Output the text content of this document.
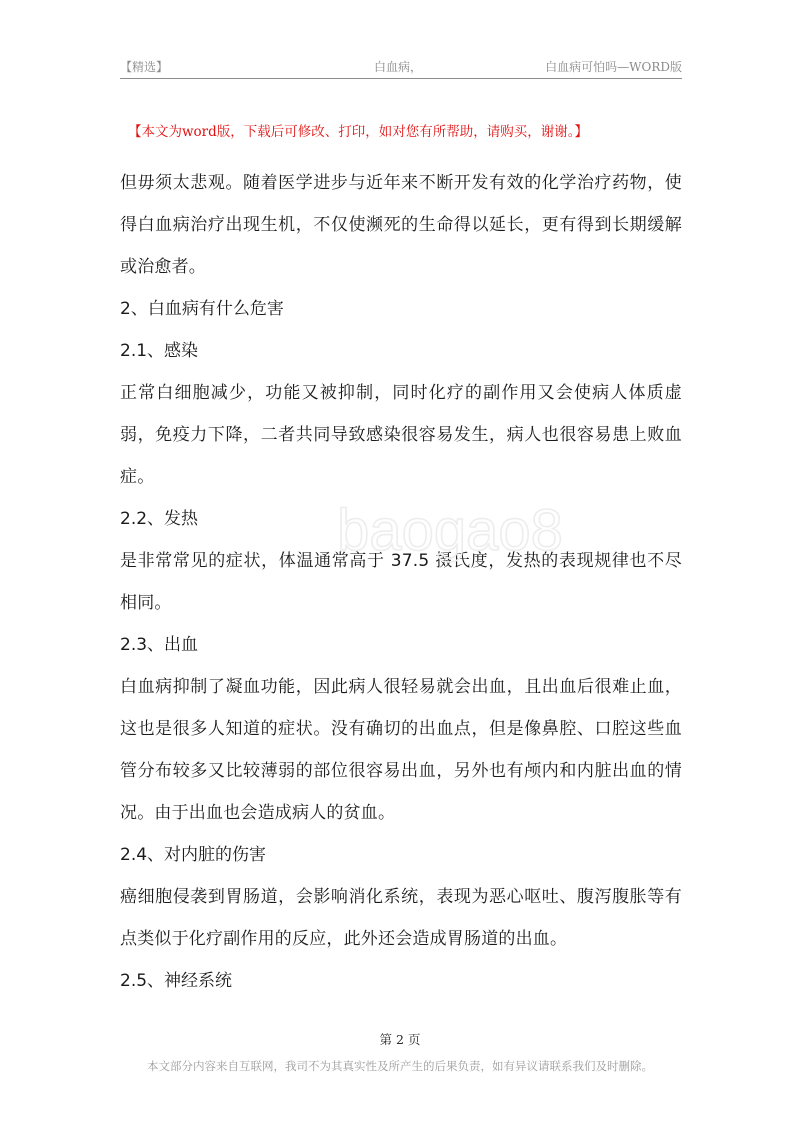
【精选】	白血病，	白血病可怕吗—WORD版
【本文为word版，下载后可修改、打印，如对您有所帮助，请购买，谢谢。】

但毋须太悲观。随着医学进步与近年来不断开发有效的化学治疗药物，使得白血病治疗出现生机，不仅使濒死的生命得以延长，更有得到长期缓解或治愈者。

2、白血病有什么危害

2.1、感染

正常白细胞减少，功能又被抑制，同时化疗的副作用又会使病人体质虚弱，免疫力下降，二者共同导致感染很容易发生，病人也很容易患上败血症。

2.2、发热

是非常常见的症状，体温通常高于 37.5 摄氏度，发热的表现规律也不尽相同。

2.3、出血

白血病抑制了凝血功能，因此病人很轻易就会出血，且出血后很难止血，这也是很多人知道的症状。没有确切的出血点，但是像鼻腔、口腔这些血管分布较多又比较薄弱的部位很容易出血，另外也有颅内和内脏出血的情况。由于出血也会造成病人的贫血。

2.4、对内脏的伤害

癌细胞侵袭到胃肠道，会影响消化系统，表现为恶心呕吐、腹泻腹胀等有点类似于化疗副作用的反应，此外还会造成胃肠道的出血。

2.5、神经系统

baogao8
第 2 页
本文部分内容来自互联网，我司不为其真实性及所产生的后果负责，如有异议请联系我们及时删除。
